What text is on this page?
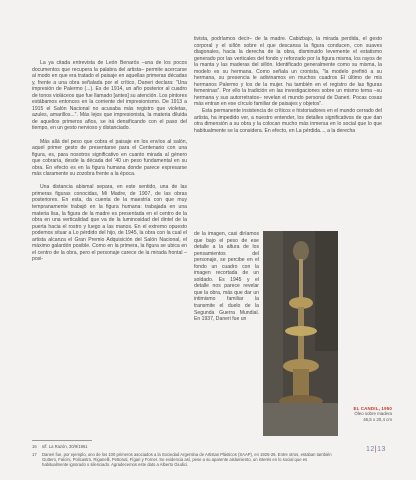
La ya citada entrevista de León Benarós –una de los pocos documentos que recupera la palabra del artista– permite acercarse al modo en que era tratado el paisaje en aquellas primeras décadas y, frente a una obra señalada por el crítico, Daneri declara: "Una impresión de Palermo (...). Es de 1914, un año posterior al cuadro de tonos violáceos que fue llamado [antes] su atención. Los pintores estábamos entonces en la corriente del impresionismo. De 1913 a 1915 el Salón Nacional no acusaba más registro que violetas, azules, amarillos...". Más lejos que impresionista, la materia diluida de aquellos primeros años, se irá densificando con el paso del tiempo, en un gesto nervioso y distanciado.

Más allá del peso que cobra el paisaje en los envíos al salón, aquel primer gesto de presentarse para el Centenario con una figura, es, para nosotros significativo en cuanto mirada al género que cobraría, desde la década del '40 un peso fundamental en su obra. En efecto es en la figura humana donde parece expresarse más claramente su zozobra frente a la época.

Una distancia abismal separa, en este sentido, una de las primeras figuras conocidas, Mi Madre, de 1907, de las obras posteriores. En esta, da cuenta de la maestría con que muy tempranamente trabajó en la figura humana: trabajada en una materia lisa, la figura de la madre es presentada en el centro de la obra en una verticalidad que va de la luminosidad del dintel de la puerta hacia el rostro y luego a las manos. En el extremo opuesto podemos situar a Lo pérdido del hijo, de 1945, la obra con la cual el artista alcanza el Gran Premio Adquisición del Salón Nacional, el máximo galardón posible. Como en la primera, la figura se ubica en el centro de la obra, pero el personaje carece de la mirada frontal –posi-

tivista, podríamos decir– de la madre. Cabizbajo, la mirada perdida, el gesto corporal y el sillón sobre el que descansa la figura conducen, con suaves diagonales, hacia la derecha de la obra, disminuido levemente el estatismo generado por las verticales del fondo y reforzado por la figura misma, los rayos de la manta y las maderas del sillón. Identificado generalmente como su misma, la modelo es su hermana. Como señala un cronista, "la modelo prefirió a su hermana, su presencia le adivinamos en muchos cuadros El último de mis hermanos Palermo y los de la mujer. ha también en el registro de las figuras femeninas". Por ello la tradición en las investigaciones sobre un mismo tema –su hermana y sus autorretratos– revelan el mundo personal de Daneri. Pocas cosas más entran en ese círculo familiar de paisajes y objetos".

Esta permanente insistencia de críticos e historiadores en el mundo cerrado del artista, ha impedido ver, a nuestro entender, los detalles significativos de que dan otra dimensión a su obra y la colocan mucho más inmersa en lo social que lo que habitualmente se la considera. En efecto, en La pérdida..., a la derecha

de la imagen, casi diríamos que bajo el peso de ese detalle a la altura de los pensamientos del personaje, se percibe en el fondo un cuadro con la imagen recortada de un soldado. Es 1945 y el detalle nos parece revelar que la obra, más que dar un intimismo familiar la transmite el duelo de la Segunda Guerra Mundial. En 1937, Daneri fue un
EL CANDIL, 1950
Óleo sobre madera
46,5 x 20,4 cm
16	s/f. La Razón, 30/9/1961
17	Daneri fue, por ejemplo, uno de los 100 primeros asociados a la Sociedad Argentina de Artistas Plásticos (SAAP), en 1925-26. Entre otros, estaban también Guttero, Falcini, Policastro, Riganelli, Pettoruti, Fígari y Forner. Se evidencia así, pese a su aparente aislamiento, un interés en lo social que es habitualmente ignorado o silenciado. Agradecemos este dato a Alberto Giudici.
12|13
